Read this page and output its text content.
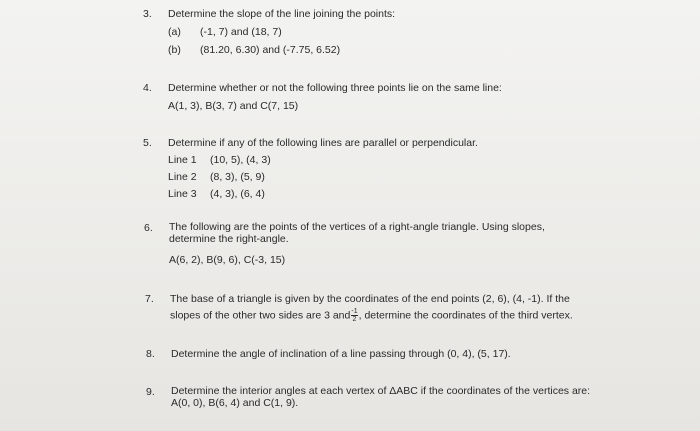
3. Determine the slope of the line joining the points:
(a) (-1, 7) and (18, 7)
(b) (81.20, 6.30) and (-7.75, 6.52)
4. Determine whether or not the following three points lie on the same line:
A(1, 3), B(3, 7) and C(7, 15)
5. Determine if any of the following lines are parallel or perpendicular.
Line 1 (10, 5), (4, 3)
Line 2 (8, 3), (5, 9)
Line 3 (4, 3), (6, 4)
6. The following are the points of the vertices of a right-angle triangle. Using slopes,
determine the right-angle.
A(6, 2), B(9, 6), C(-3, 15)
7. The base of a triangle is given by the coordinates of the end points (2, 6), (4, -1). If the
slopes of the other two sides are 3 and $\frac{-1}{2}$ , determine the coordinates of the third vertex.
8. Determine the angle of inclination of a line passing through (0, 4), (5, 17).
9. Determine the interior angles at each vertex of ΔABC if the coordinates of the vertices are:
A(0, 0), B(6, 4) and C(1, 9).
